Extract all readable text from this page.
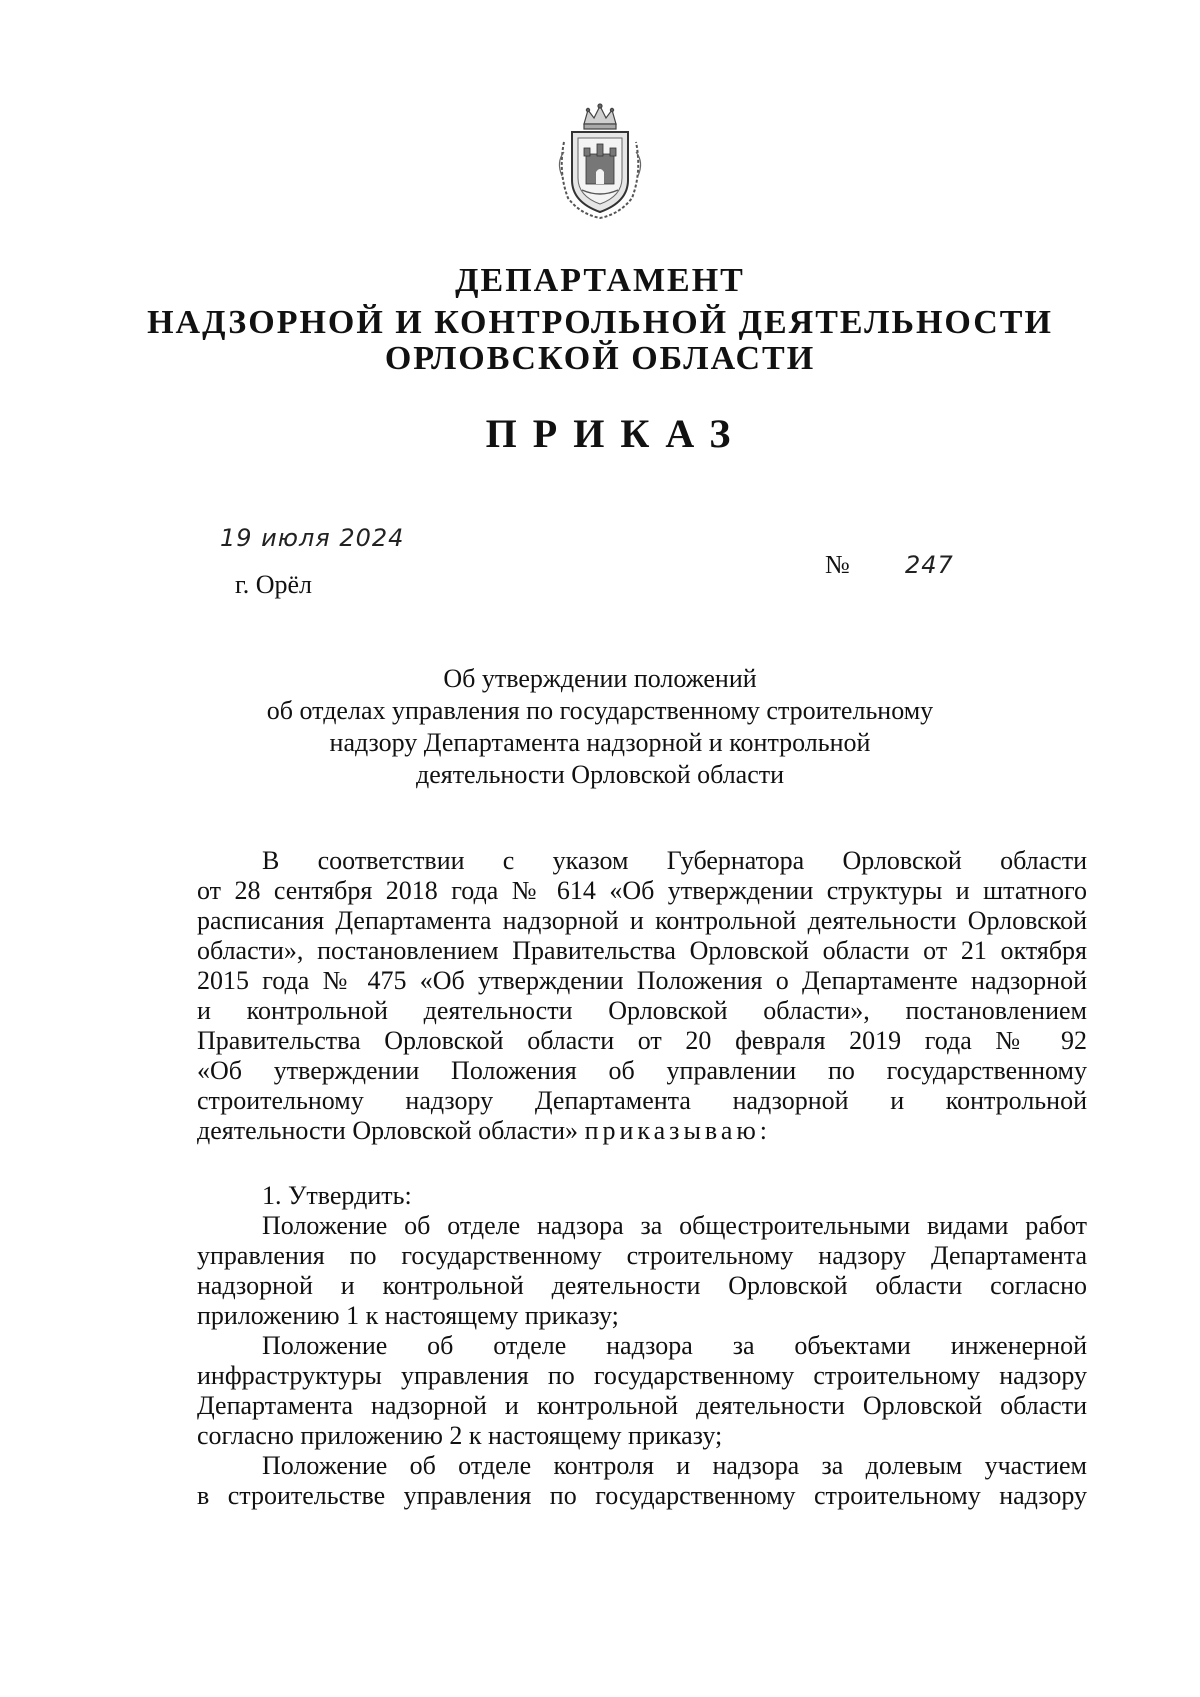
ДЕПАРТАМЕНТ
НАДЗОРНОЙ И КОНТРОЛЬНОЙ ДЕЯТЕЛЬНОСТИ
ОРЛОВСКОЙ ОБЛАСТИ
ПРИКАЗ
19 июля 2024
№ 247
г. Орёл
Об утверждении положений
об отделах управления по государственному строительному
надзору Департамента надзорной и контрольной
деятельности Орловской области
В соответствии с указом Губернатора Орловской области
от 28 сентября 2018 года № 614 «Об утверждении структуры и штатного
расписания Департамента надзорной и контрольной деятельности Орловской
области», постановлением Правительства Орловской области от 21 октября
2015 года № 475 «Об утверждении Положения о Департаменте надзорной
и контрольной деятельности Орловской области», постановлением
Правительства Орловской области от 20 февраля 2019 года № 92
«Об утверждении Положения об управлении по государственному
строительному надзору Департамента надзорной и контрольной
деятельности Орловской области» приказываю:
1. Утвердить:
Положение об отделе надзора за общестроительными видами работ
управления по государственному строительному надзору Департамента
надзорной и контрольной деятельности Орловской области согласно
приложению 1 к настоящему приказу;
Положение об отделе надзора за объектами инженерной
инфраструктуры управления по государственному строительному надзору
Департамента надзорной и контрольной деятельности Орловской области
согласно приложению 2 к настоящему приказу;
Положение об отделе контроля и надзора за долевым участием
в строительстве управления по государственному строительному надзору
